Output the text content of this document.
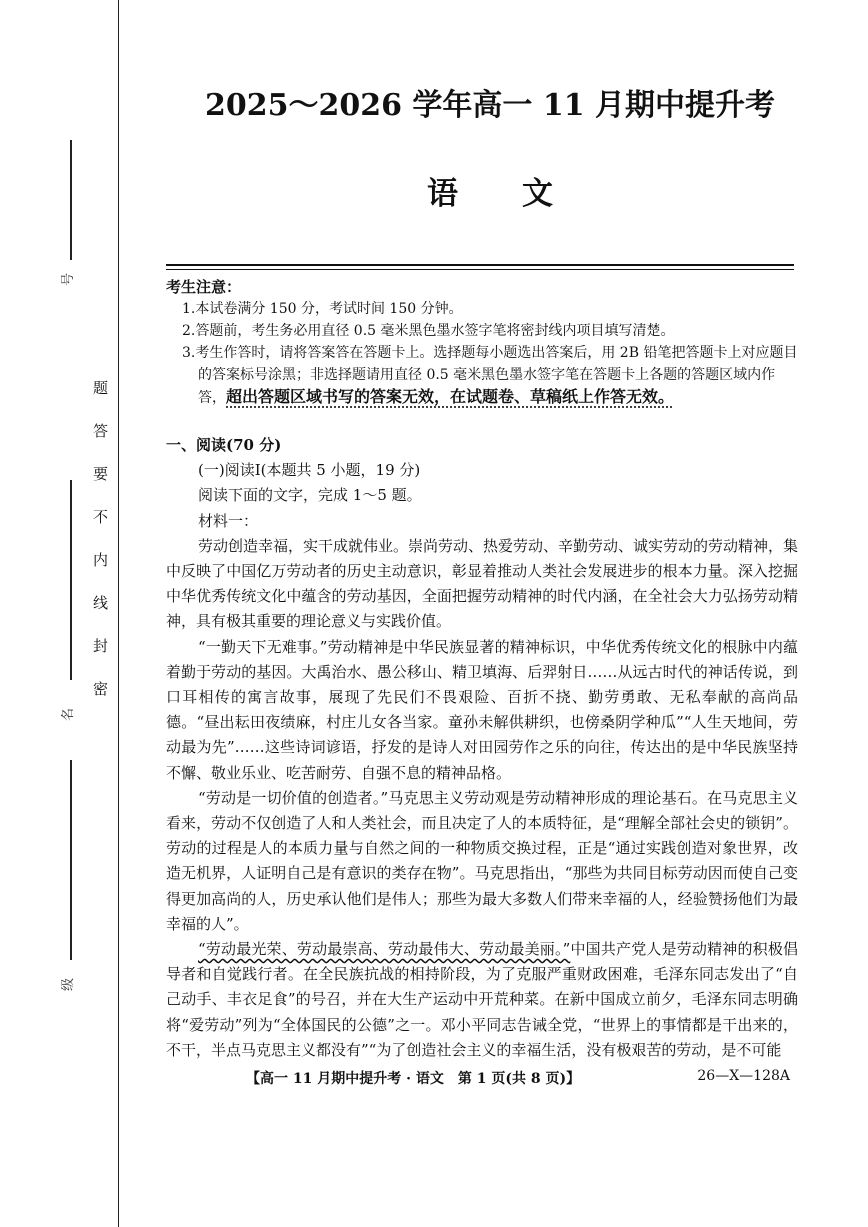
号
名
级
题答要不内线封密
2025～2026 学年高一 11 月期中提升考
语文
考生注意：
1.本试卷满分 150 分，考试时间 150 分钟。
2.答题前，考生务必用直径 0.5 毫米黑色墨水签字笔将密封线内项目填写清楚。
3.考生作答时，请将答案答在答题卡上。选择题每小题选出答案后，用 2B 铅笔把答题卡上对应题目的答案标号涂黑；非选择题请用直径 0.5 毫米黑色墨水签字笔在答题卡上各题的答题区域内作答，超出答题区域书写的答案无效，在试题卷、草稿纸上作答无效。
一、阅读(70 分)
(一)阅读Ⅰ(本题共 5 小题，19 分)
阅读下面的文字，完成 1～5 题。
材料一：

劳动创造幸福，实干成就伟业。崇尚劳动、热爱劳动、辛勤劳动、诚实劳动的劳动精神，集中反映了中国亿万劳动者的历史主动意识，彰显着推动人类社会发展进步的根本力量。深入挖掘中华优秀传统文化中蕴含的劳动基因，全面把握劳动精神的时代内涵，在全社会大力弘扬劳动精神，具有极其重要的理论意义与实践价值。

“一勤天下无难事。”劳动精神是中华民族显著的精神标识，中华优秀传统文化的根脉中内蕴着勤于劳动的基因。大禹治水、愚公移山、精卫填海、后羿射日……从远古时代的神话传说，到口耳相传的寓言故事，展现了先民们不畏艰险、百折不挠、勤劳勇敢、无私奉献的高尚品德。“昼出耘田夜绩麻，村庄儿女各当家。童孙未解供耕织，也傍桑阴学种瓜”“人生天地间，劳动最为先”……这些诗词谚语，抒发的是诗人对田园劳作之乐的向往，传达出的是中华民族坚持不懈、敬业乐业、吃苦耐劳、自强不息的精神品格。

“劳动是一切价值的创造者。”马克思主义劳动观是劳动精神形成的理论基石。在马克思主义看来，劳动不仅创造了人和人类社会，而且决定了人的本质特征，是“理解全部社会史的锁钥”。劳动的过程是人的本质力量与自然之间的一种物质交换过程，正是“通过实践创造对象世界，改造无机界，人证明自己是有意识的类存在物”。马克思指出，“那些为共同目标劳动因而使自己变得更加高尚的人，历史承认他们是伟人；那些为最大多数人们带来幸福的人，经验赞扬他们为最幸福的人”。

“劳动最光荣、劳动最崇高、劳动最伟大、劳动最美丽。”中国共产党人是劳动精神的积极倡导者和自觉践行者。在全民族抗战的相持阶段，为了克服严重财政困难，毛泽东同志发出了“自己动手、丰衣足食”的号召，并在大生产运动中开荒种菜。在新中国成立前夕，毛泽东同志明确将“爱劳动”列为“全体国民的公德”之一。邓小平同志告诫全党，“世界上的事情都是干出来的，不干，半点马克思主义都没有”“为了创造社会主义的幸福生活，没有极艰苦的劳动，是不可能

【高一 11 月期中提升考 · 语文　第 1 页(共 8 页)】	26—X—128A
